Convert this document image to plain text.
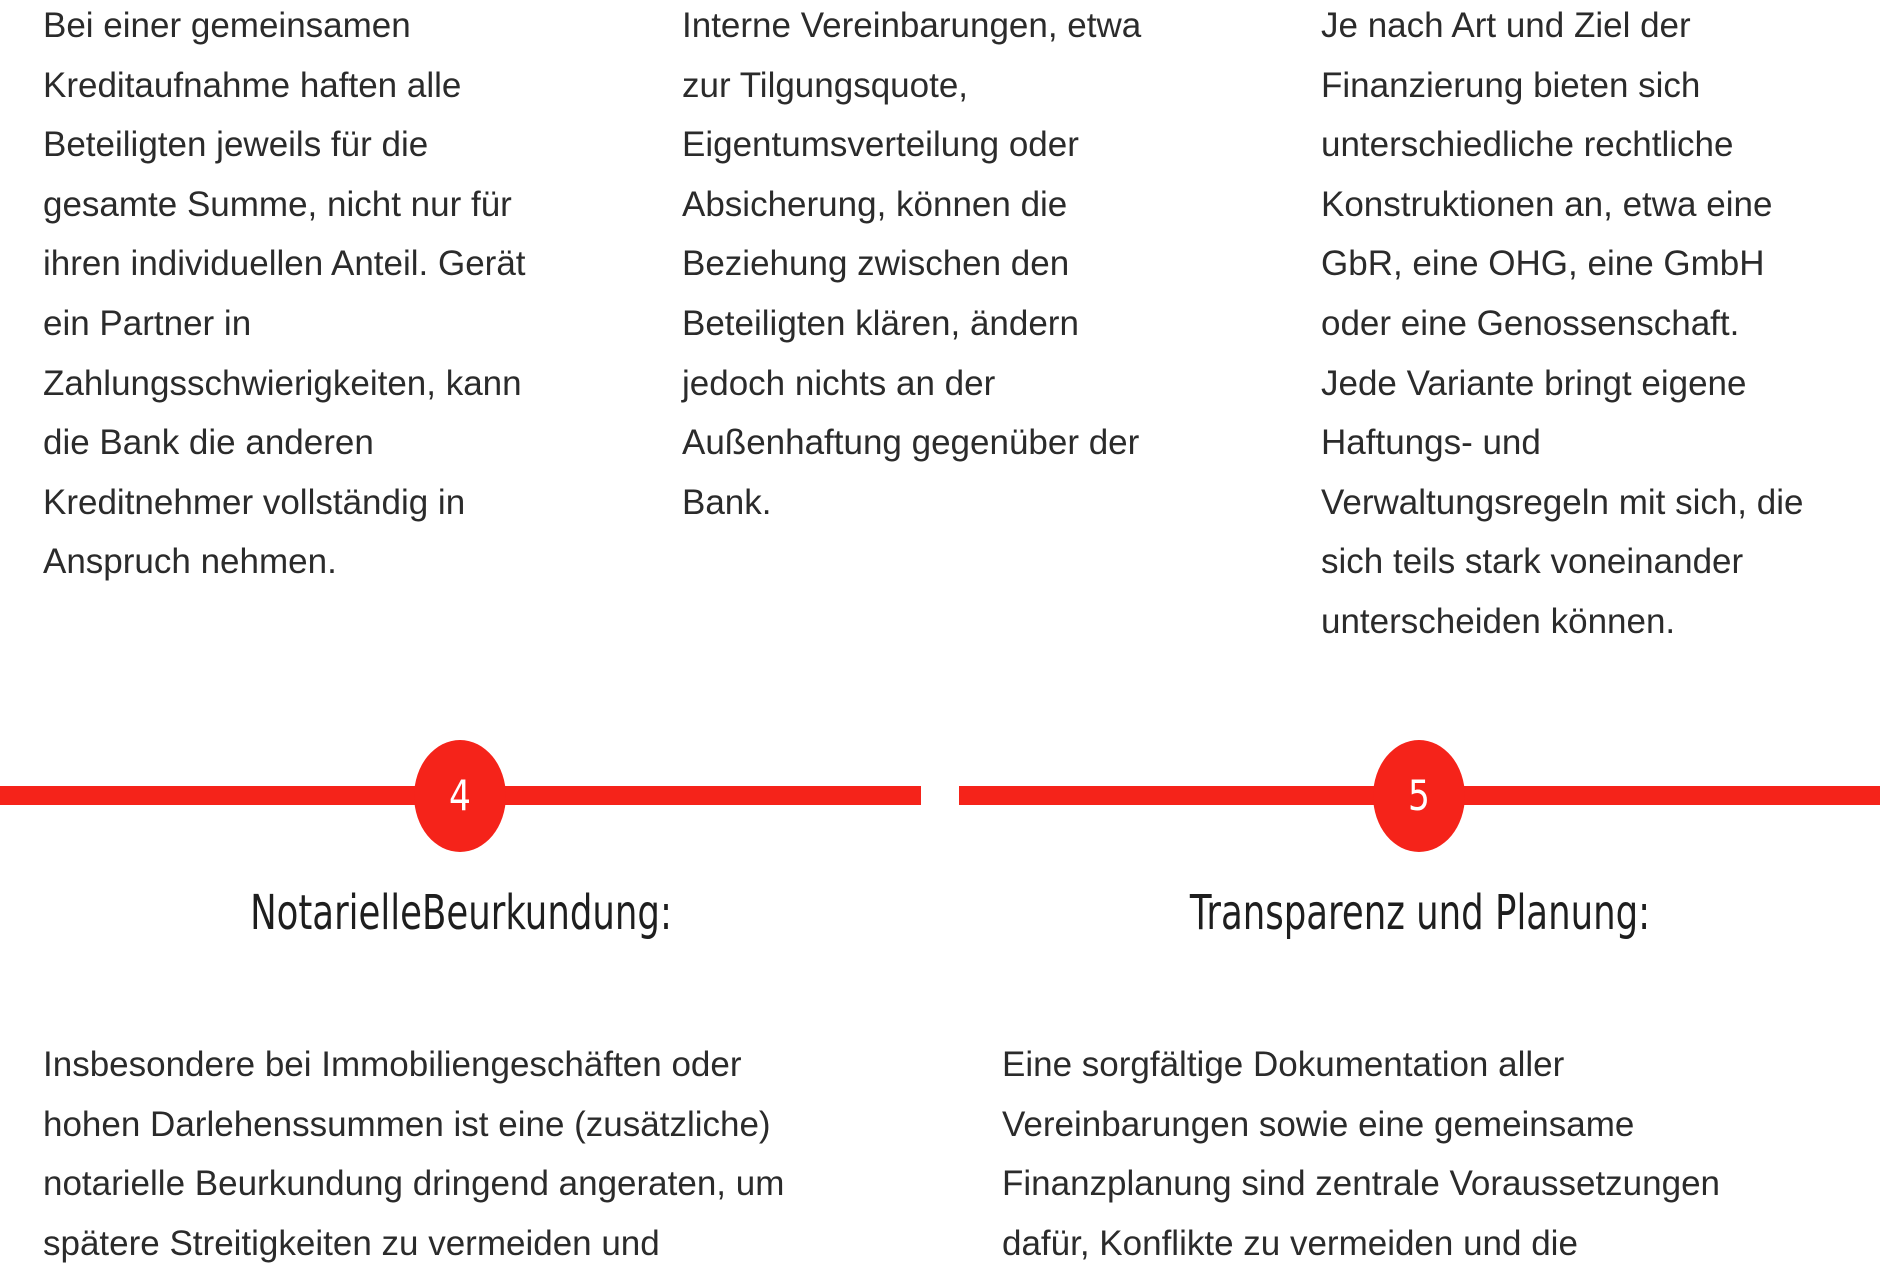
Bei einer gemeinsamen
Kreditaufnahme haften alle
Beteiligten jeweils für die
gesamte Summe, nicht nur für
ihren individuellen Anteil. Gerät
ein Partner in
Zahlungsschwierigkeiten, kann
die Bank die anderen
Kreditnehmer vollständig in
Anspruch nehmen.

Interne Vereinbarungen, etwa
zur Tilgungsquote,
Eigentumsverteilung oder
Absicherung, können die
Beziehung zwischen den
Beteiligten klären, ändern
jedoch nichts an der
Außenhaftung gegenüber der
Bank.

Je nach Art und Ziel der
Finanzierung bieten sich
unterschiedliche rechtliche
Konstruktionen an, etwa eine
GbR, eine OHG, eine GmbH
oder eine Genossenschaft.
Jede Variante bringt eigene
Haftungs- und
Verwaltungsregeln mit sich, die
sich teils stark voneinander
unterscheiden können.

4
NotarielleBeurkundung:

Insbesondere bei Immobiliengeschäften oder
hohen Darlehenssummen ist eine (zusätzliche)
notarielle Beurkundung dringend angeraten, um
spätere Streitigkeiten zu vermeiden und

5
Transparenz und Planung:

Eine sorgfältige Dokumentation aller
Vereinbarungen sowie eine gemeinsame
Finanzplanung sind zentrale Voraussetzungen
dafür, Konflikte zu vermeiden und die
